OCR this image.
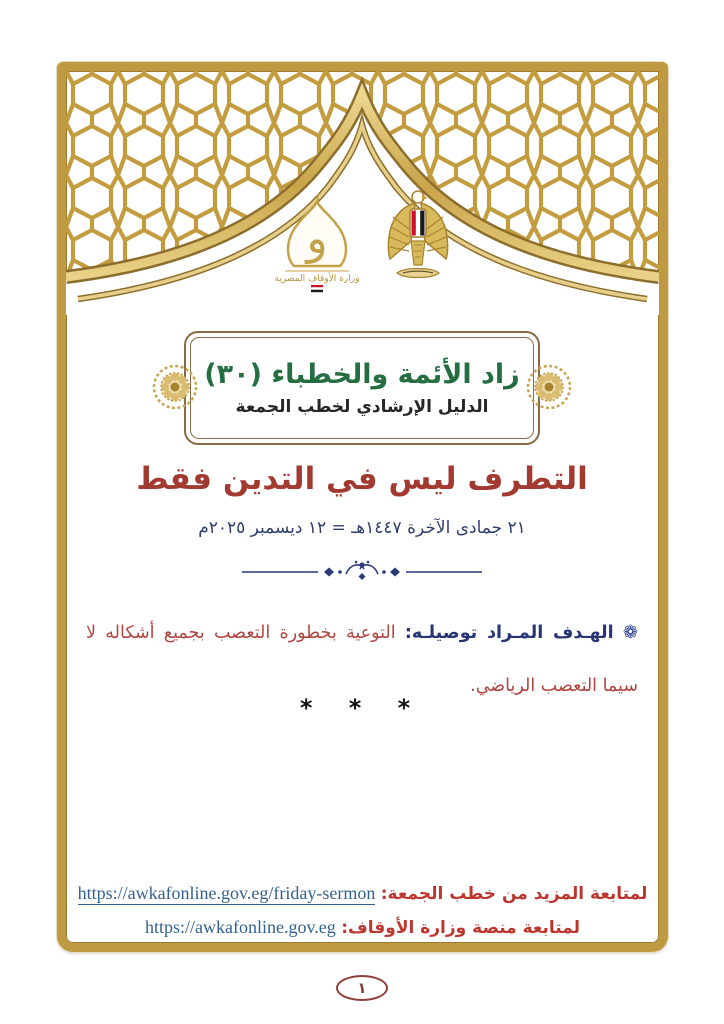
و
وزارة الأوقاف المصرية
زاد الأئمة والخطباء (٣٠)
الدليل الإرشادي لخطب الجمعة
التطرف ليس في التدين فقط
٢١ جمادى الآخرة ١٤٤٧هـ = ١٢ ديسمبر ٢٠٢٥م
❁ الهـدف المـراد توصيلـه: التوعية بخطورة التعصب بجميع أشكاله لا سيما التعصب الرياضي.
* * *
لمتابعة المزيد من خطب الجمعة: https://awkafonline.gov.eg/friday-sermon
لمتابعة منصة وزارة الأوقاف: https://awkafonline.gov.eg
١
